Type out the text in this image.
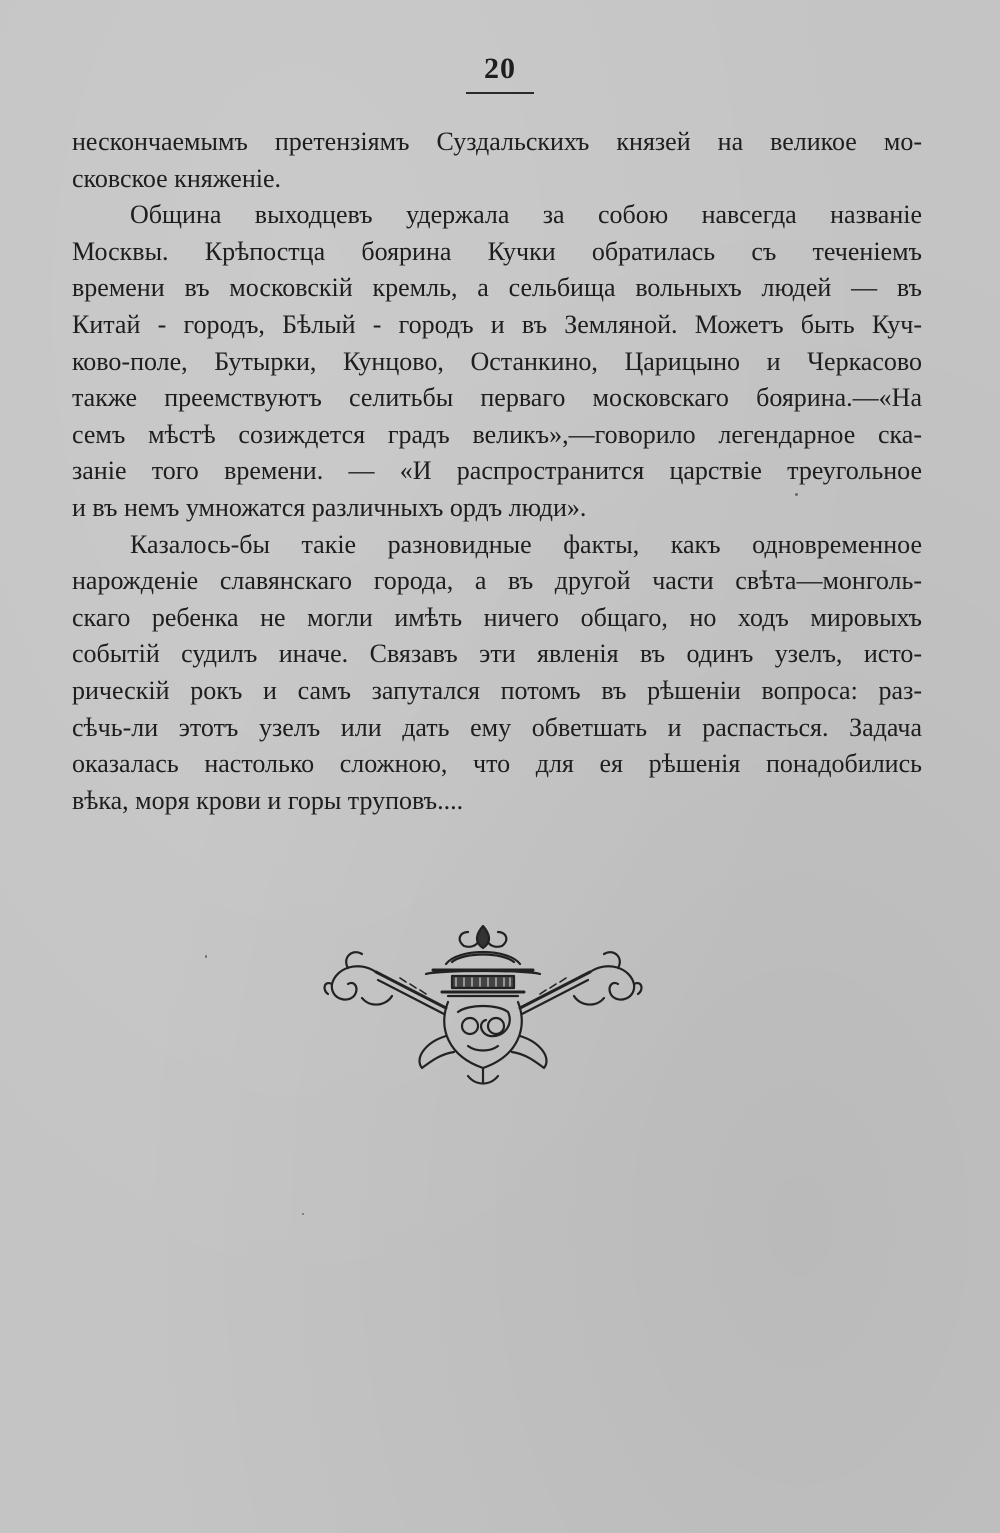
20
нескончаемымъ претензіямъ Суздальскихъ князей на великое мо-
сковское княженіе.
Община выходцевъ удержала за собою навсегда названіе
Москвы. Крѣпостца боярина Кучки обратилась съ теченіемъ
времени въ московскій кремль, а сельбища вольныхъ людей — въ
Китай - городъ, Бѣлый - городъ и въ Земляной. Можетъ быть Куч-
ково-поле, Бутырки, Кунцово, Останкино, Царицыно и Черкасово
также преемствуютъ селитьбы перваго московскаго боярина.—«На
семъ мѣстѣ созиждется градъ великъ»,—говорило легендарное ска-
заніе того времени. — «И распространится царствіе треугольное
и въ немъ умножатся различныхъ ордъ люди».
Казалось-бы такіе разновидные факты, какъ одновременное
нарожденіе славянскаго города, а въ другой части свѣта—монголь-
скаго ребенка не могли имѣть ничего общаго, но ходъ мировыхъ
событій судилъ иначе. Связавъ эти явленія въ одинъ узелъ, исто-
рическій рокъ и самъ запутался потомъ въ рѣшеніи вопроса: раз-
сѣчь-ли этотъ узелъ или дать ему обветшать и распасться. Задача
оказалась настолько сложною, что для ея рѣшенія понадобились
вѣка, моря крови и горы труповъ....
